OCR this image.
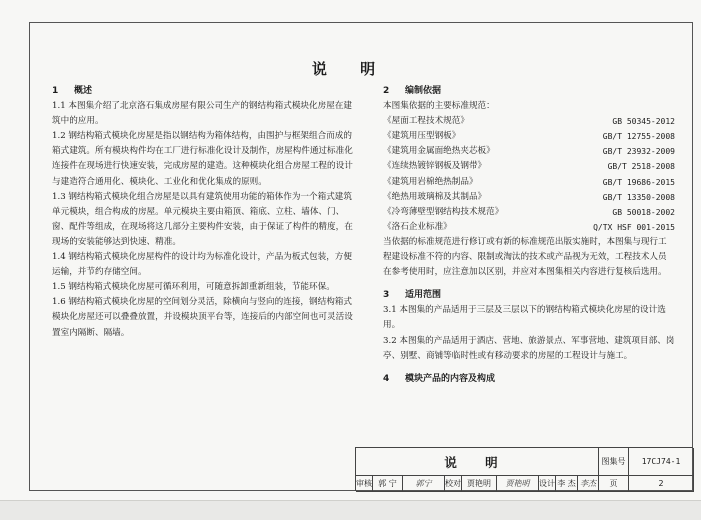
说 明
1 概述

1.1 本图集介绍了北京洛石集成房屋有限公司生产的钢结构箱式模块化房屋在建筑中的应用。

1.2 钢结构箱式模块化房屋是指以钢结构为箱体结构，由围护与框架组合而成的箱式建筑。所有模块构件均在工厂进行标准化设计及制作，房屋构件通过标准化连接件在现场进行快速安装，完成房屋的建造。这种模块化组合房屋工程的设计与建造符合通用化、模块化、工业化和优化集成的原则。

1.3 钢结构箱式模块化组合房屋是以具有建筑使用功能的箱体作为一个箱式建筑单元模块，组合构成的房屋。单元模块主要由箱顶、箱底、立柱、墙体、门、窗、配件等组成，在现场将这几部分主要构件安装，由于保证了构件的精度，在现场的安装能够达到快速、精准。

1.4 钢结构箱式模块化房屋构件的设计均为标准化设计，产品为板式包装，方便运输，并节约存储空间。

1.5 钢结构箱式模块化房屋可循环利用，可随意拆卸重新组装，节能环保。

1.6 钢结构箱式模块化房屋的空间划分灵活，除横向与竖向的连接，钢结构箱式模块化房屋还可以叠叠放置，并设模块顶平台等，连接后的内部空间也可灵活设置室内隔断、隔墙。

2 编制依据

本图集依据的主要标准规范：

《屋面工程技术规范》	GB 50345-2012
《建筑用压型钢板》	GB/T 12755-2008
《建筑用金属面绝热夹芯板》	GB/T 23932-2009
《连续热镀锌钢板及钢带》	GB/T 2518-2008
《建筑用岩棉绝热制品》	GB/T 19686-2015
《绝热用玻璃棉及其制品》	GB/T 13350-2008
《冷弯薄壁型钢结构技术规范》	GB 50018-2002
《洛石企业标准》	Q/TX HSF 001-2015

当依据的标准规范进行修订或有新的标准规范出版实施时，本图集与现行工程建设标准不符的内容、限制或淘汰的技术或产品视为无效，工程技术人员在参考使用时，应注意加以区别，并应对本图集相关内容进行复核后选用。

3 适用范围

3.1 本图集的产品适用于三层及三层以下的钢结构箱式模块化房屋的设计选用。

3.2 本图集的产品适用于酒店、营地、旅游景点、军事营地、建筑项目部、岗亭、别墅、商铺等临时性或有移动要求的房屋的工程设计与施工。

4 模块产品的内容及构成
说 明	图集号	17CJ74-1
审核 郭 宁	郭宁	校对 贾艳明	贾艳明	设计 李 杰 李杰	页	2
